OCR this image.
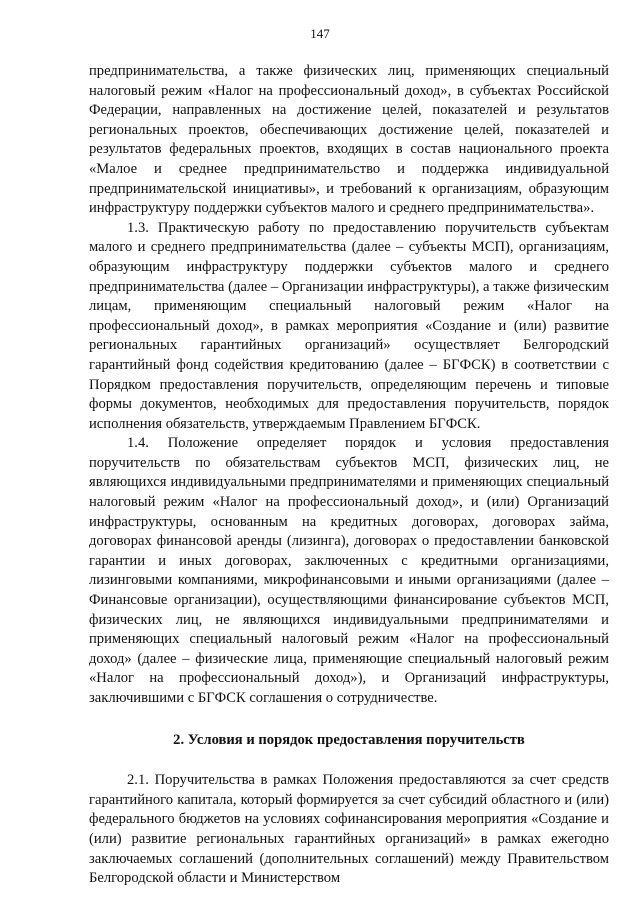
147

предпринимательства, а также физических лиц, применяющих специальный налоговый режим «Налог на профессиональный доход», в субъектах Российской Федерации, направленных на достижение целей, показателей и результатов региональных проектов, обеспечивающих достижение целей, показателей и результатов федеральных проектов, входящих в состав национального проекта «Малое и среднее предпринимательство и поддержка индивидуальной предпринимательской инициативы», и требований к организациям, образующим инфраструктуру поддержки субъектов малого и среднего предпринимательства».

1.3. Практическую работу по предоставлению поручительств субъектам малого и среднего предпринимательства (далее – субъекты МСП), организациям, образующим инфраструктуру поддержки субъектов малого и среднего предпринимательства (далее – Организации инфраструктуры), а также физическим лицам, применяющим специальный налоговый режим «Налог на профессиональный доход», в рамках мероприятия «Создание и (или) развитие региональных гарантийных организаций» осуществляет Белгородский гарантийный фонд содействия кредитованию (далее – БГФСК) в соответствии с Порядком предоставления поручительств, определяющим перечень и типовые формы документов, необходимых для предоставления поручительств, порядок исполнения обязательств, утверждаемым Правлением БГФСК.

1.4. Положение определяет порядок и условия предоставления поручительств по обязательствам субъектов МСП, физических лиц, не являющихся индивидуальными предпринимателями и применяющих специальный налоговый режим «Налог на профессиональный доход», и (или) Организаций инфраструктуры, основанным на кредитных договорах, договорах займа, договорах финансовой аренды (лизинга), договорах о предоставлении банковской гарантии и иных договорах, заключенных с кредитными организациями, лизинговыми компаниями, микрофинансовыми и иными организациями (далее – Финансовые организации), осуществляющими финансирование субъектов МСП, физических лиц, не являющихся индивидуальными предпринимателями и применяющих специальный налоговый режим «Налог на профессиональный доход» (далее – физические лица, применяющие специальный налоговый режим «Налог на профессиональный доход»), и Организаций инфраструктуры, заключившими с БГФСК соглашения о сотрудничестве.

2. Условия и порядок предоставления поручительств

2.1. Поручительства в рамках Положения предоставляются за счет средств гарантийного капитала, который формируется за счет субсидий областного и (или) федерального бюджетов на условиях софинансирования мероприятия «Создание и (или) развитие региональных гарантийных организаций» в рамках ежегодно заключаемых соглашений (дополнительных соглашений) между Правительством Белгородской области и Министерством
